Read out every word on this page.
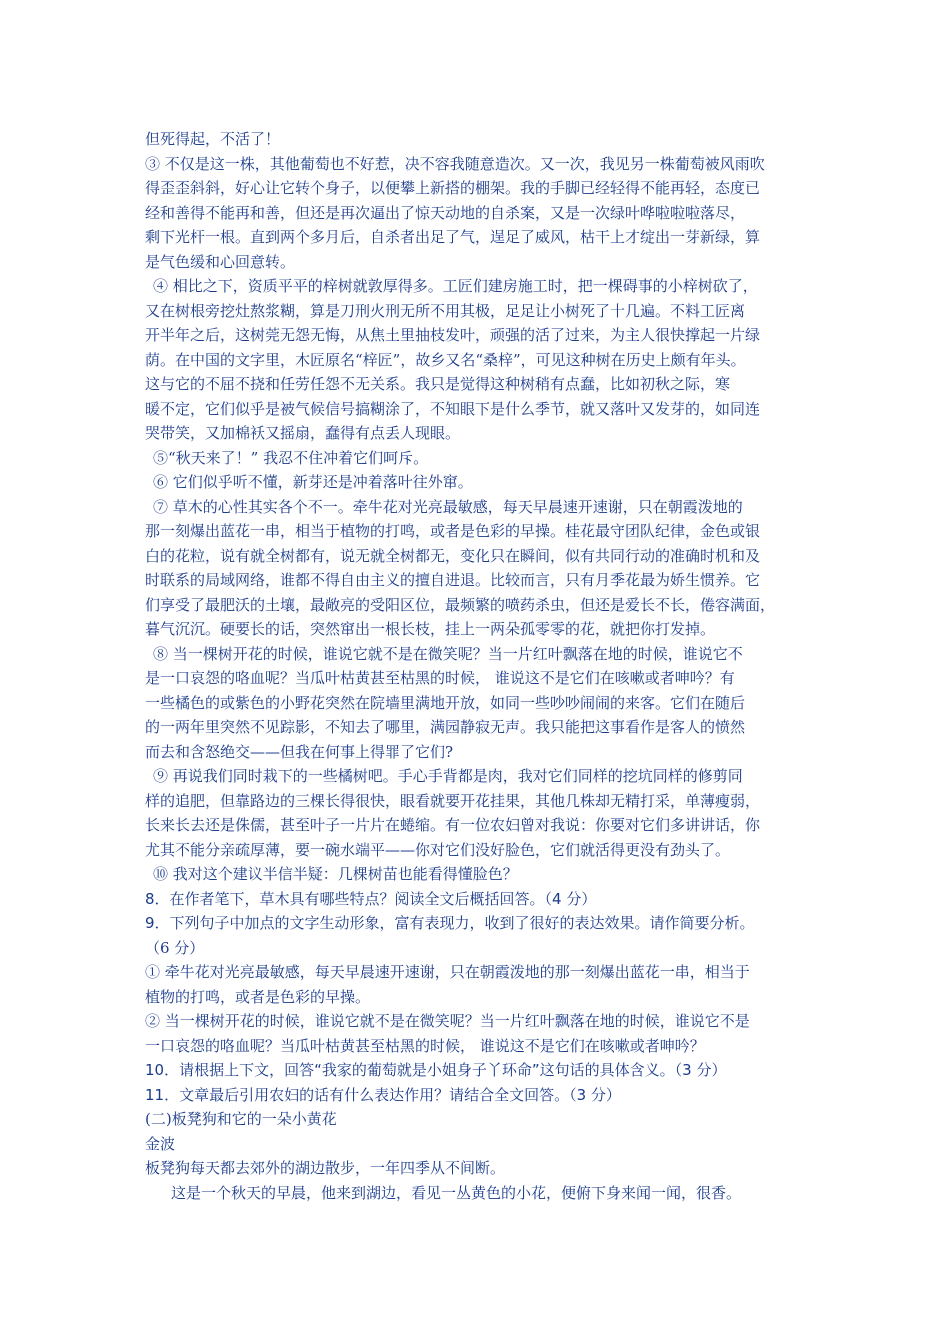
但死得起，不活了！
③ 不仅是这一株，其他葡萄也不好惹，决不容我随意造次。又一次，我见另一株葡萄被风雨吹
得歪歪斜斜，好心让它转个身子，以便攀上新搭的棚架。我的手脚已经轻得不能再轻，态度已
经和善得不能再和善，但还是再次逼出了惊天动地的自杀案，又是一次绿叶哗啦啦啦落尽，
剩下光杆一根。直到两个多月后，自杀者出足了气，逞足了威风，枯干上才绽出一芽新绿，算
是气色缓和心回意转。
④ 相比之下，资质平平的梓树就敦厚得多。工匠们建房施工时，把一棵碍事的小梓树砍了，
又在树根旁挖灶熬浆糊，算是刀刑火刑无所不用其极，足足让小树死了十几遍。不料工匠离
开半年之后，这树莞无怨无悔，从焦土里抽枝发叶，顽强的活了过来，为主人很快撑起一片绿
荫。在中国的文字里，木匠原名“梓匠”，故乡又名“桑梓”，可见这种树在历史上颇有年头。
这与它的不屈不挠和任劳任怨不无关系。我只是觉得这种树稍有点蠢，比如初秋之际，寒
暖不定，它们似乎是被气候信号搞糊涂了，不知眼下是什么季节，就又落叶又发芽的，如同连
哭带笑，又加棉袄又摇扇，蠢得有点丢人现眼。
⑤“秋天来了！” 我忍不住冲着它们呵斥。
⑥ 它们似乎听不懂，新芽还是冲着落叶往外窜。
⑦ 草木的心性其实各个不一。牵牛花对光亮最敏感，每天早晨速开速谢，只在朝霞泼地的
那一刻爆出蓝花一串，相当于植物的打鸣，或者是色彩的早操。桂花最守团队纪律，金色或银
白的花粒，说有就全树都有，说无就全树都无，变化只在瞬间，似有共同行动的准确时机和及
时联系的局域网络，谁都不得自由主义的擅自进退。比较而言，只有月季花最为娇生惯养。它
们享受了最肥沃的土壤，最敞亮的受阳区位，最频繁的喷药杀虫，但还是爱长不长，倦容满面，
暮气沉沉。硬要长的话，突然窜出一根长枝，挂上一两朵孤零零的花，就把你打发掉。
⑧ 当一棵树开花的时候，谁说它就不是在微笑呢？当一片红叶飘落在地的时候，谁说它不
是一口哀怨的咯血呢？当瓜叶枯黄甚至枯黑的时候， 谁说这不是它们在咳嗽或者呻吟？有
一些橘色的或紫色的小野花突然在院墙里满地开放，如同一些吵吵闹闹的来客。它们在随后
的一两年里突然不见踪影，不知去了哪里，满园静寂无声。我只能把这事看作是客人的愤然
而去和含怒绝交——但我在何事上得罪了它们?
⑨ 再说我们同时栽下的一些橘树吧。手心手背都是肉，我对它们同样的挖坑同样的修剪同
样的追肥，但靠路边的三棵长得很快，眼看就要开花挂果，其他几株却无精打采，单薄瘦弱，
长来长去还是侏儒，甚至叶子一片片在蜷缩。有一位农妇曾对我说：你要对它们多讲讲话，你
尤其不能分亲疏厚薄，要一碗水端平——你对它们没好脸色，它们就活得更没有劲头了。
⑩ 我对这个建议半信半疑：几棵树苗也能看得懂脸色？
8．在作者笔下，草木具有哪些特点？阅读全文后概括回答。（4 分）
9．下列句子中加点的文字生动形象，富有表现力，收到了很好的表达效果。请作简要分析。
（6 分）
① 牵牛花对光亮最敏感，每天早晨速开速谢，只在朝霞泼地的那一刻爆出蓝花一串，相当于
植物的打鸣，或者是色彩的早操。
② 当一棵树开花的时候，谁说它就不是在微笑呢？当一片红叶飘落在地的时候，谁说它不是
一口哀怨的咯血呢？当瓜叶枯黄甚至枯黑的时候， 谁说这不是它们在咳嗽或者呻吟？
10．请根据上下文，回答“我家的葡萄就是小姐身子丫环命”这句话的具体含义。（3 分）
11．文章最后引用农妇的话有什么表达作用？请结合全文回答。（3 分）
(二)板凳狗和它的一朵小黄花
金波
板凳狗每天都去郊外的湖边散步，一年四季从不间断。
这是一个秋天的早晨，他来到湖边，看见一丛黄色的小花，便俯下身来闻一闻，很香。
